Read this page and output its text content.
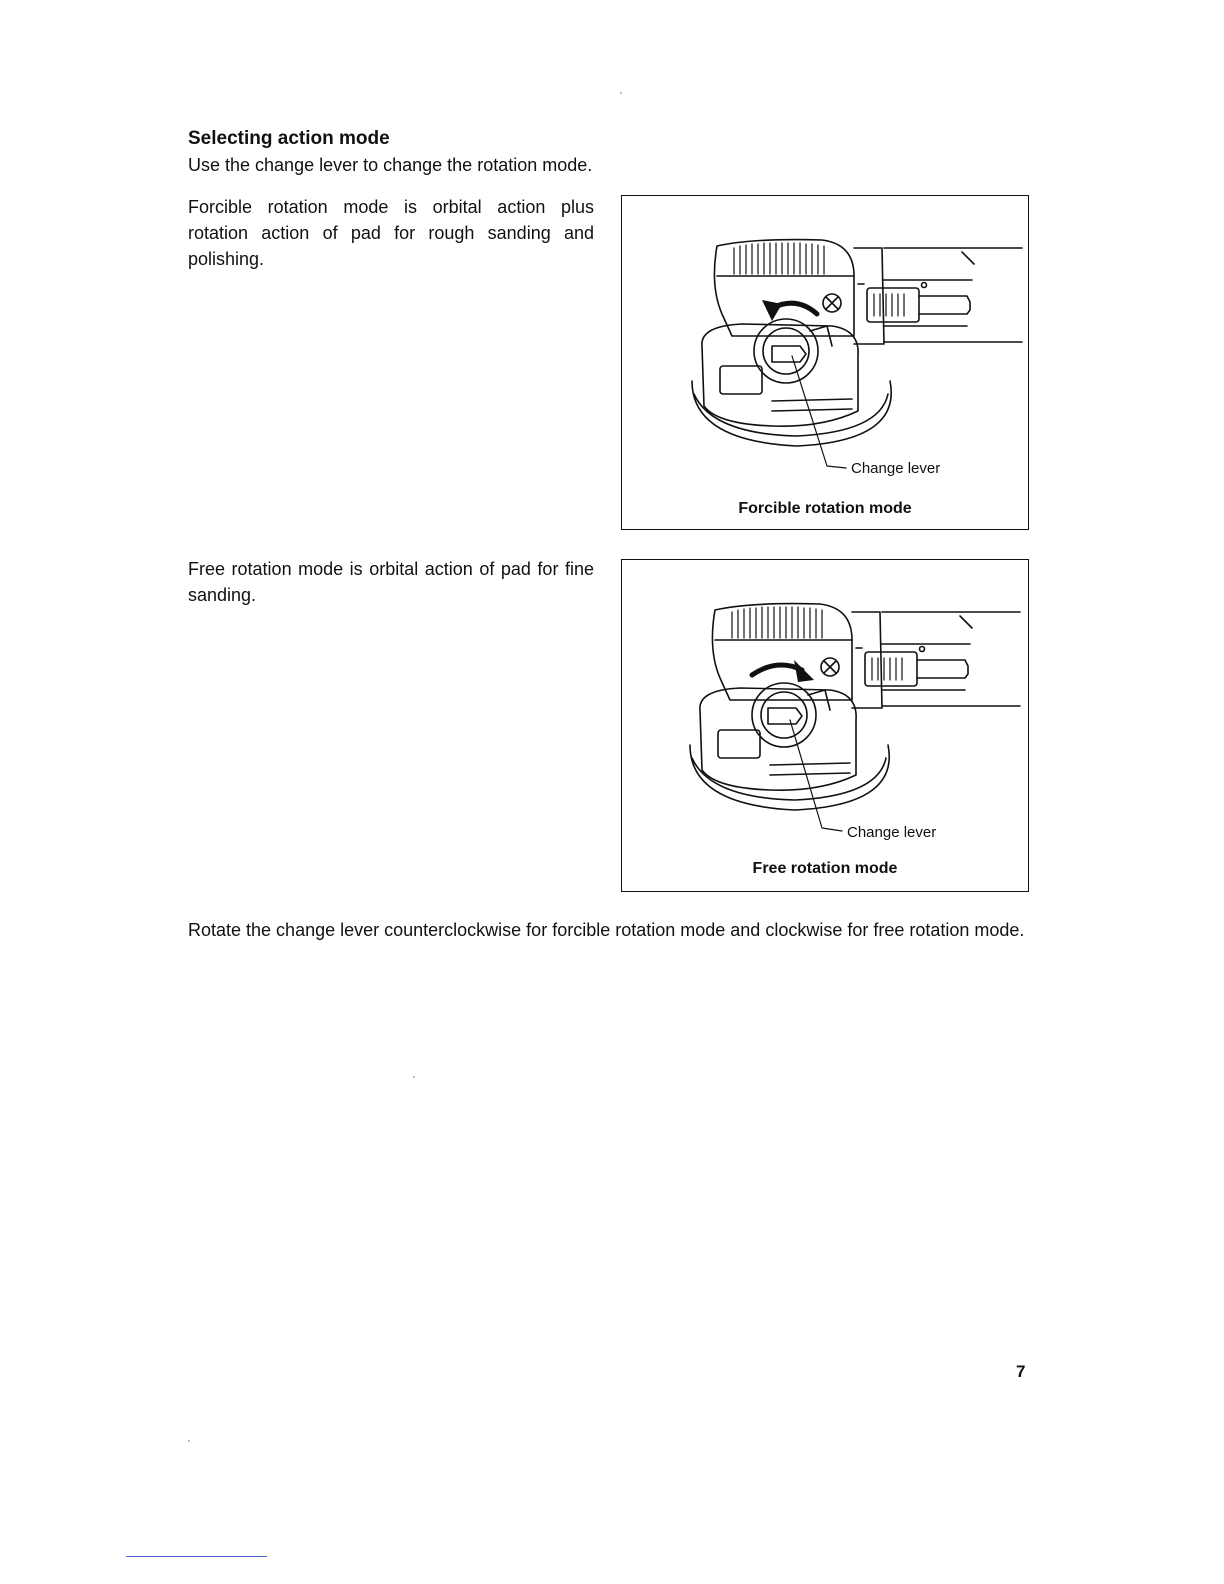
Selecting action mode

Use the change lever to change the rotation mode.

Forcible rotation mode is orbital action plus rotation action of pad for rough sanding and polishing.

Change lever
Forcible rotation mode

Free rotation mode is orbital action of pad for fine sanding.

Change lever
Free rotation mode

Rotate the change lever counterclockwise for forcible rotation mode and clockwise for free rotation mode.

7
